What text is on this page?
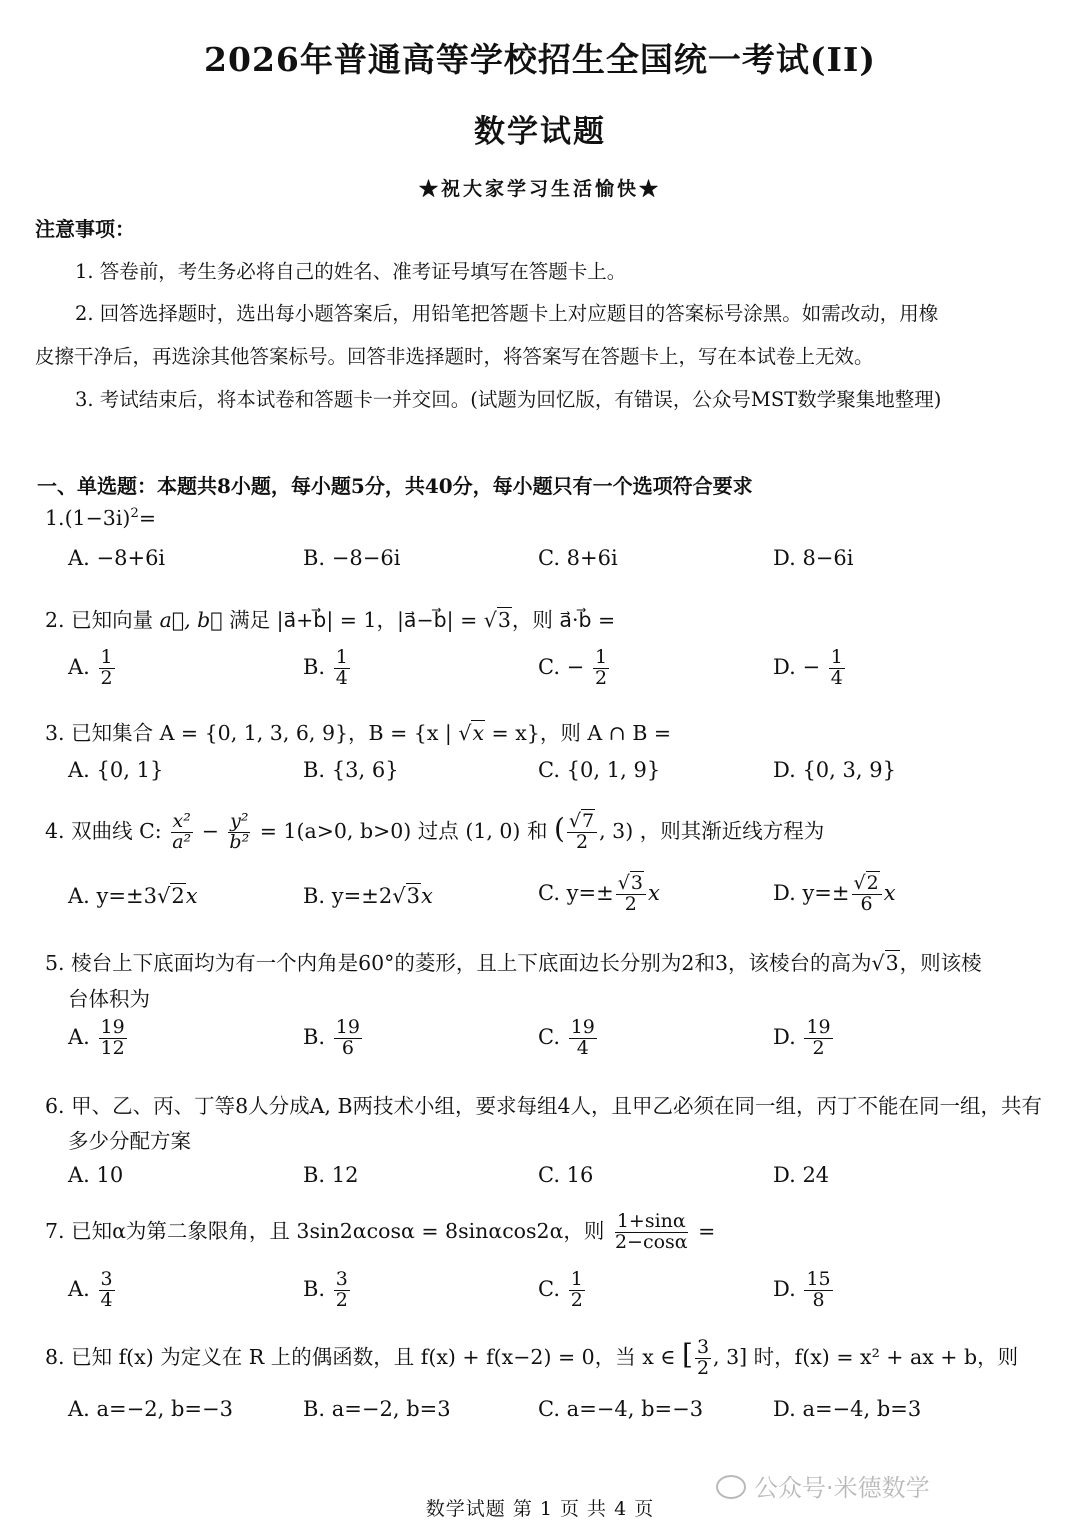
2026年普通高等学校招生全国统一考试(II)
数学试题
★祝大家学习生活愉快★
注意事项：
1. 答卷前，考生务必将自己的姓名、准考证号填写在答题卡上。
2. 回答选择题时，选出每小题答案后，用铅笔把答题卡上对应题目的答案标号涂黑。如需改动，用橡
皮擦干净后，再选涂其他答案标号。回答非选择题时，将答案写在答题卡上，写在本试卷上无效。
3. 考试结束后，将本试卷和答题卡一并交回。(试题为回忆版，有错误，公众号MST数学聚集地整理)
一、单选题：本题共8小题，每小题5分，共40分，每小题只有一个选项符合要求
$1.(1-3i)^2=$
A. −8+6i	B. −8−6i	C. 8+6i	D. 8−6i
2. 已知向量 a⃗, b⃗ 满足 |a⃗+b⃗| = 1，|a⃗−b⃗| = √3，则 a⃗·b⃗ =
A. $\frac{1}{2}$	B. $\frac{1}{4}$	C. − $\frac{1}{2}$	D. − $\frac{1}{4}$
3. 已知集合 A = {0, 1, 3, 6, 9}，B = {x | √x = x}，则 A ∩ B =
A. {0, 1}	B. {3, 6}	C. {0, 1, 9}	D. {0, 3, 9}
4. 双曲线 C: $\frac{\text{x²}}{\text{a²}} - \frac{\text{y²}}{\text{b²}} = 1(a>0$, b>0) 过点 (1, 0) 和 ( $\frac{√7}{2}$ , 3) ，则其渐近线方程为
A. y=±3√2x	B. y=±2√3x	C. $y=\pm \frac{√3}{2}$ x	D. $y=\pm \frac{√2}{6}$ x
5. 棱台上下底面均为有一个内角是60°的菱形，且上下底面边长分别为2和3，该棱台的高为√3，则该棱
台体积为
A. $\frac{19}{12}$	B. $\frac{19}{6}$	C. $\frac{19}{4}$	D. $\frac{19}{2}$
6. 甲、乙、丙、丁等8人分成A, B两技术小组，要求每组4人，且甲乙必须在同一组，丙丁不能在同一组，共有
多少分配方案
A. 10	B. 12	C. 16	D. 24
7. 已知α为第二象限角，且 3sin2αcosα = 8sinαcos2α，则 $\frac{1+\sin\alpha}{2-\cos\alpha}$ =
A. $\frac{3}{4}$	B. $\frac{3}{2}$	C. $\frac{1}{2}$	D. $\frac{15}{8}$
8. 已知 f(x) 为定义在 R 上的偶函数，且 f(x) + f(x−2) = 0，当 x ∈ [ $\frac{3}{2}$ , 3] 时，f(x) = x² + ax + b，则
A. a=−2, b=−3	B. a=−2, b=3	C. a=−4, b=−3	D. a=−4, b=3
公众号·米德数学
数学试题 第 1 页 共 4 页
